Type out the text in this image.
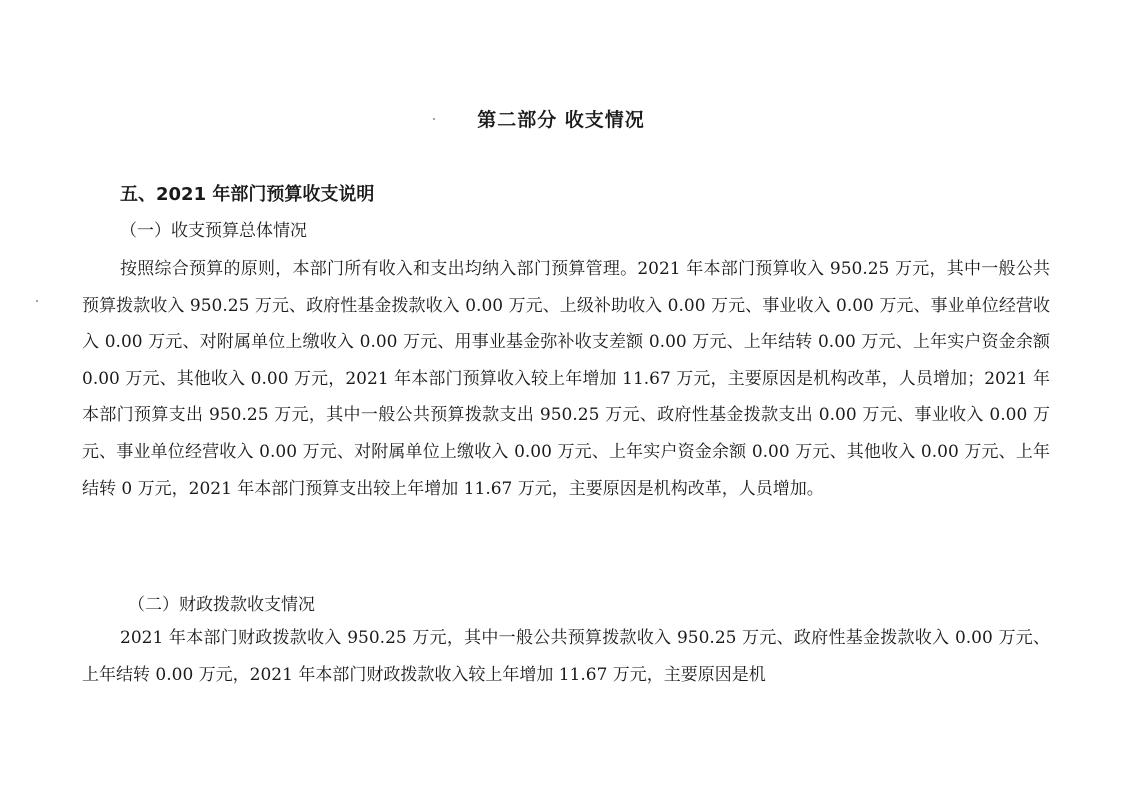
第二部分 收支情况
五、2021 年部门预算收支说明
（一）收支预算总体情况

按照综合预算的原则，本部门所有收入和支出均纳入部门预算管理。2021 年本部门预算收入 950.25 万元，其中一般公共预算拨款收入 950.25 万元、政府性基金拨款收入 0.00 万元、上级补助收入 0.00 万元、事业收入 0.00 万元、事业单位经营收入 0.00 万元、对附属单位上缴收入 0.00 万元、用事业基金弥补收支差额 0.00 万元、上年结转 0.00 万元、上年实户资金余额 0.00 万元、其他收入 0.00 万元，2021 年本部门预算收入较上年增加 11.67 万元，主要原因是机构改革，人员增加；2021 年本部门预算支出 950.25 万元，其中一般公共预算拨款支出 950.25 万元、政府性基金拨款支出 0.00 万元、事业收入 0.00 万元、事业单位经营收入 0.00 万元、对附属单位上缴收入 0.00 万元、上年实户资金余额 0.00 万元、其他收入 0.00 万元、上年结转 0 万元，2021 年本部门预算支出较上年增加 11.67 万元，主要原因是机构改革，人员增加。

（二）财政拨款收支情况

2021 年本部门财政拨款收入 950.25 万元，其中一般公共预算拨款收入 950.25 万元、政府性基金拨款收入 0.00 万元、上年结转 0.00 万元，2021 年本部门财政拨款收入较上年增加 11.67 万元，主要原因是机
